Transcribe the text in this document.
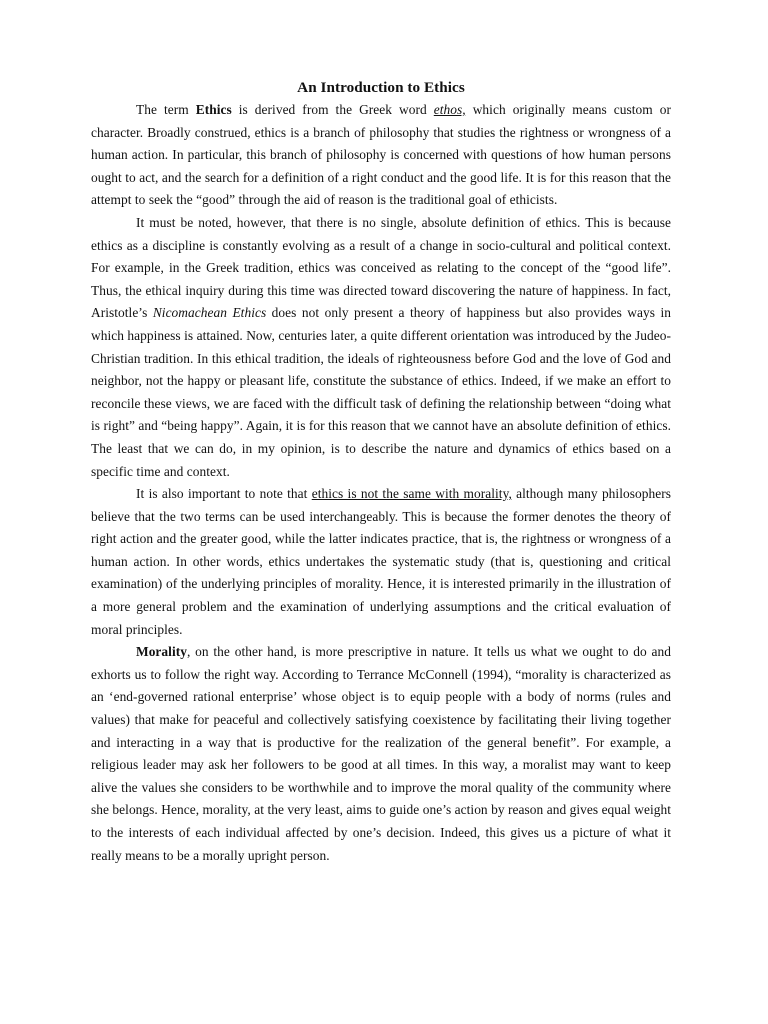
An Introduction to Ethics

The term Ethics is derived from the Greek word ethos, which originally means custom or character. Broadly construed, ethics is a branch of philosophy that studies the rightness or wrongness of a human action. In particular, this branch of philosophy is concerned with questions of how human persons ought to act, and the search for a definition of a right conduct and the good life. It is for this reason that the attempt to seek the “good” through the aid of reason is the traditional goal of ethicists.

It must be noted, however, that there is no single, absolute definition of ethics. This is because ethics as a discipline is constantly evolving as a result of a change in socio-cultural and political context. For example, in the Greek tradition, ethics was conceived as relating to the concept of the “good life”. Thus, the ethical inquiry during this time was directed toward discovering the nature of happiness. In fact, Aristotle’s Nicomachean Ethics does not only present a theory of happiness but also provides ways in which happiness is attained. Now, centuries later, a quite different orientation was introduced by the Judeo-Christian tradition. In this ethical tradition, the ideals of righteousness before God and the love of God and neighbor, not the happy or pleasant life, constitute the substance of ethics. Indeed, if we make an effort to reconcile these views, we are faced with the difficult task of defining the relationship between “doing what is right” and “being happy”. Again, it is for this reason that we cannot have an absolute definition of ethics. The least that we can do, in my opinion, is to describe the nature and dynamics of ethics based on a specific time and context.

It is also important to note that ethics is not the same with morality, although many philosophers believe that the two terms can be used interchangeably. This is because the former denotes the theory of right action and the greater good, while the latter indicates practice, that is, the rightness or wrongness of a human action. In other words, ethics undertakes the systematic study (that is, questioning and critical examination) of the underlying principles of morality. Hence, it is interested primarily in the illustration of a more general problem and the examination of underlying assumptions and the critical evaluation of moral principles.

Morality, on the other hand, is more prescriptive in nature. It tells us what we ought to do and exhorts us to follow the right way. According to Terrance McConnell (1994), “morality is characterized as an ‘end-governed rational enterprise’ whose object is to equip people with a body of norms (rules and values) that make for peaceful and collectively satisfying coexistence by facilitating their living together and interacting in a way that is productive for the realization of the general benefit”. For example, a religious leader may ask her followers to be good at all times. In this way, a moralist may want to keep alive the values she considers to be worthwhile and to improve the moral quality of the community where she belongs. Hence, morality, at the very least, aims to guide one’s action by reason and gives equal weight to the interests of each individual affected by one’s decision. Indeed, this gives us a picture of what it really means to be a morally upright person.
